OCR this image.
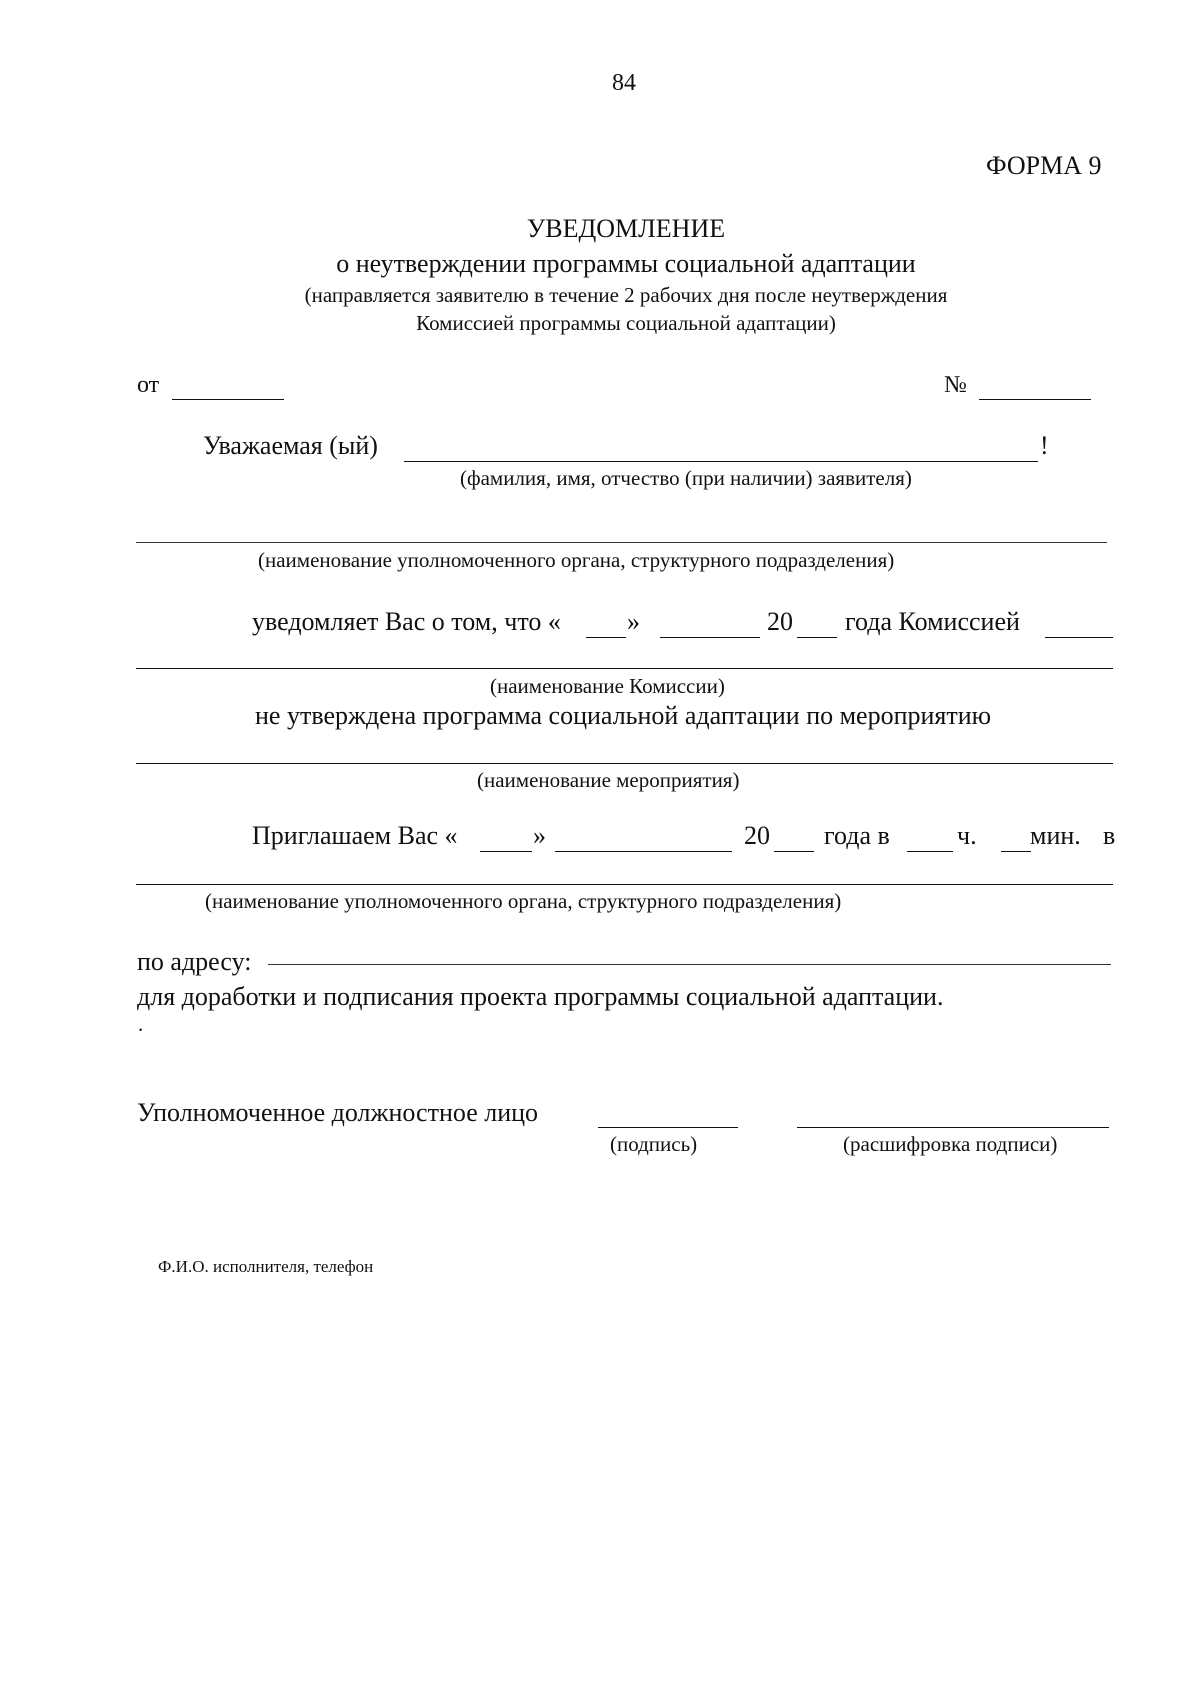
84
ФОРМА 9
УВЕДОМЛЕНИЕ
о неутверждении программы социальной адаптации
(направляется заявителю в течение 2 рабочих дня после неутверждения
Комиссией программы социальной адаптации)
от	№
Уважаемая (ый)	!
(фамилия, имя, отчество (при наличии) заявителя)
(наименование уполномоченного органа, структурного подразделения)
уведомляет Вас о том, что «	»	20 года Комиссией
(наименование Комиссии)
не утверждена программа социальной адаптации по мероприятию
(наименование мероприятия)
Приглашаем Вас «	»	20 года в	ч. мин. в
(наименование уполномоченного органа, структурного подразделения)
по адресу:
для доработки и подписания проекта программы социальной адаптации.
.
Уполномоченное должностное лицо
(подпись)	(расшифровка подписи)
Ф.И.О. исполнителя, телефон
